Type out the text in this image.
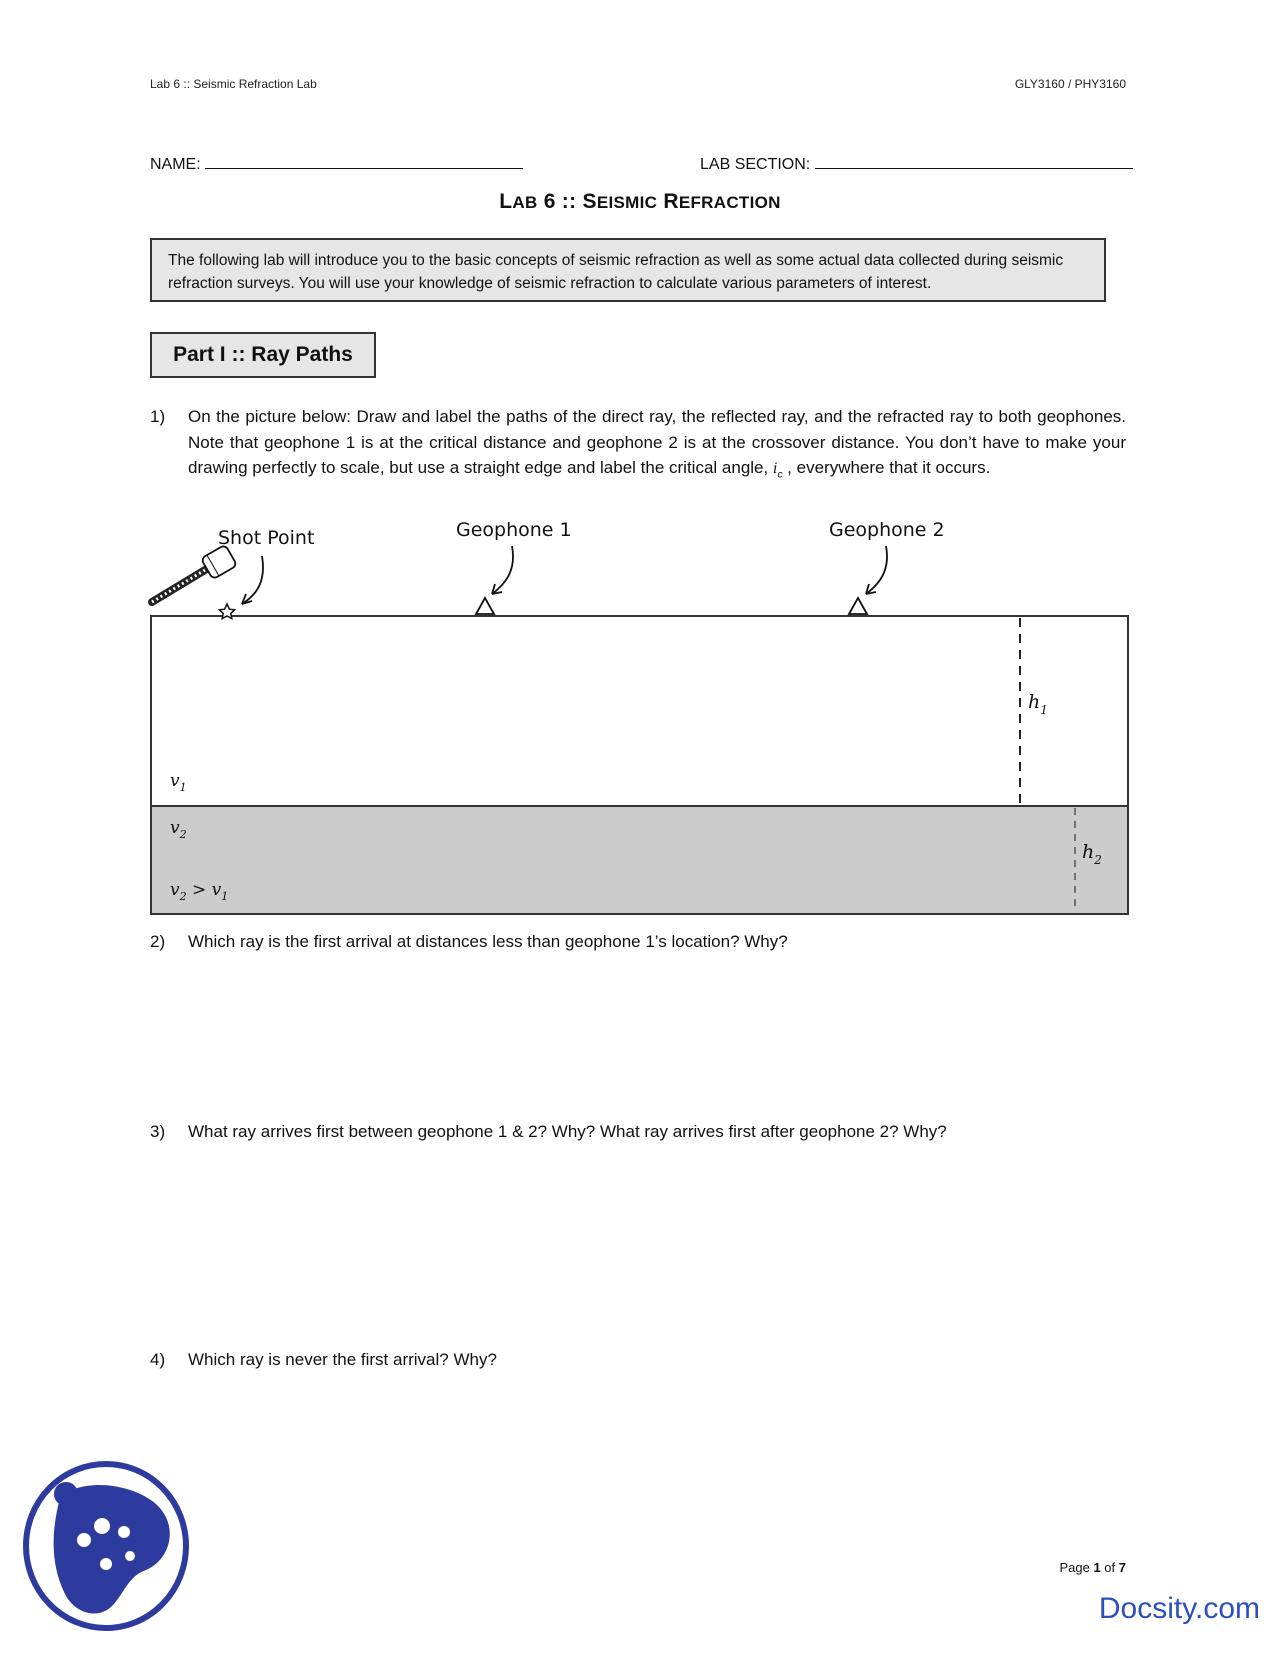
Lab 6 :: Seismic Refraction Lab	GLY3160 / PHY3160
NAME:	LAB SECTION:
LAB 6 :: SEISMIC REFRACTION
The following lab will introduce you to the basic concepts of seismic refraction as well as some actual data collected during seismic refraction surveys. You will use your knowledge of seismic refraction to calculate various parameters of interest.
Part I :: Ray Paths
1) On the picture below: Draw and label the paths of the direct ray, the reflected ray, and the refracted ray to both geophones. Note that geophone 1 is at the critical distance and geophone 2 is at the crossover distance. You don’t have to make your drawing perfectly to scale, but use a straight edge and label the critical angle, $i_c$ , everywhere that it occurs.
Shot Point	Geophone 1	Geophone 2
$v_1$
$v_2$
$v_2 > v_1$
$h_1$
$h_2$
2) Which ray is the first arrival at distances less than geophone 1’s location? Why?
3) What ray arrives first between geophone 1 & 2? Why? What ray arrives first after geophone 2? Why?
4) Which ray is never the first arrival? Why?
Page 1 of 7
Docsity.com
